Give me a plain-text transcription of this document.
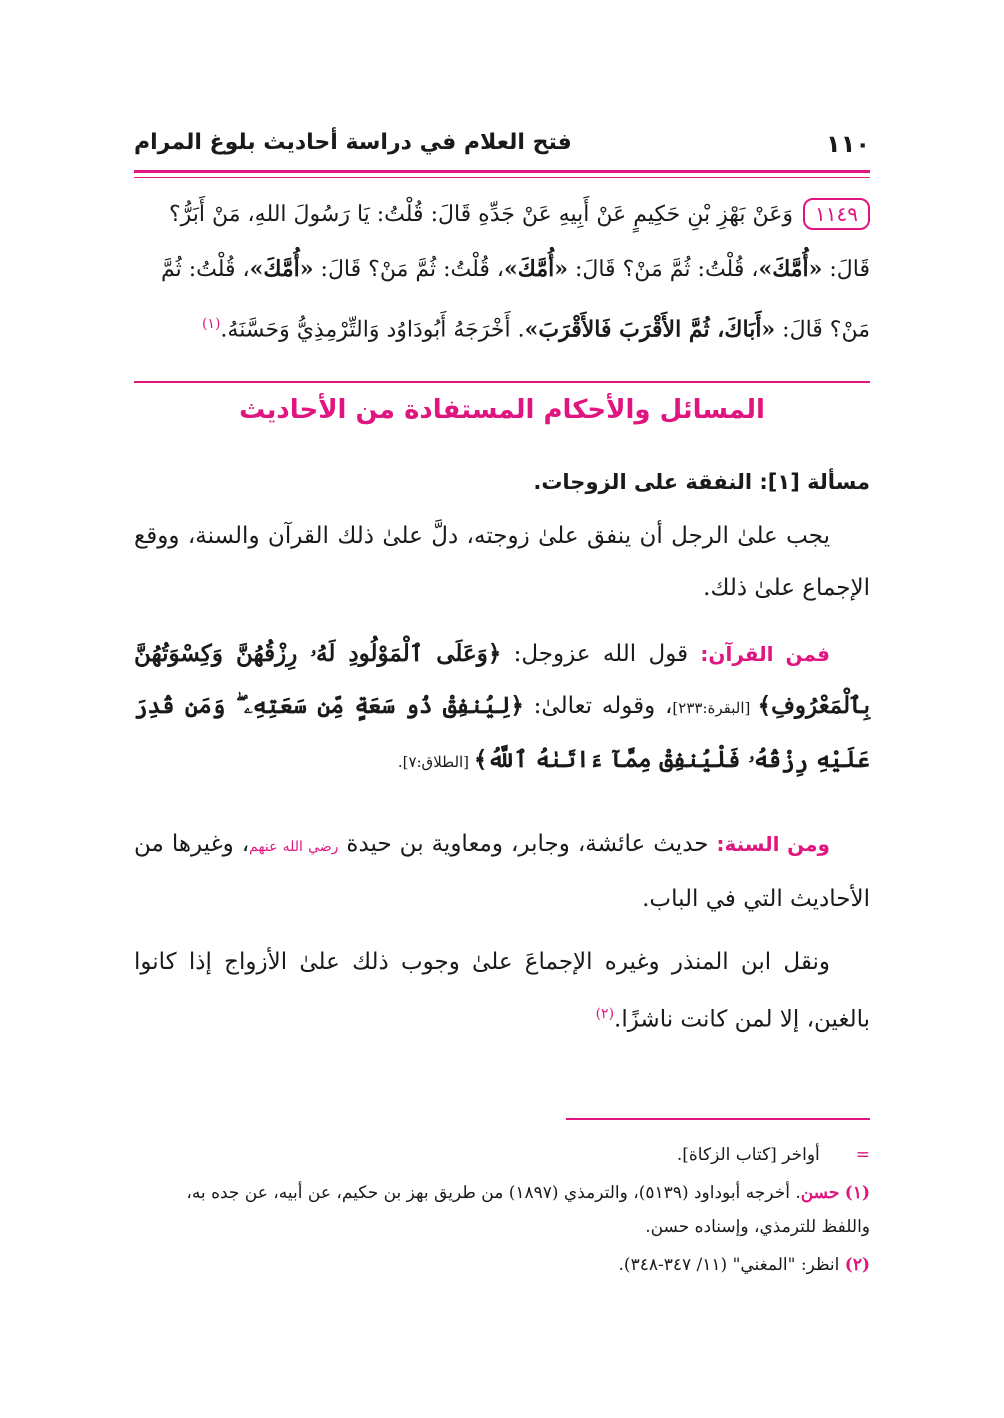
١١٠
فتح العلام في دراسة أحاديث بلوغ المرام
١١٤٩وَعَنْ بَهْزِ بْنِ حَكِيمٍ عَنْ أَبِيهِ عَنْ جَدِّهِ قَالَ: قُلْتُ: يَا رَسُولَ اللهِ، مَنْ أَبَرُّ؟ قَالَ: «أُمَّكَ»، قُلْتُ: ثُمَّ مَنْ؟ قَالَ: «أُمَّكَ»، قُلْتُ: ثُمَّ مَنْ؟ قَالَ: «أُمَّكَ»، قُلْتُ: ثُمَّ مَنْ؟ قَالَ: «أَبَاكَ، ثُمَّ الأَقْرَبَ فَالأَقْرَبَ». أَخْرَجَهُ أَبُودَاوُد وَالتِّرْمِذِيُّ وَحَسَّنَهُ.$^{(١)}$
المسائل والأحكام المستفادة من الأحاديث
مسألة [١]: النفقة على الزوجات.
يجب علىٰ الرجل أن ينفق علىٰ زوجته، دلَّ علىٰ ذلك القرآن والسنة، ووقع الإجماع علىٰ ذلك.
فمن القرآن: قول الله عزوجل: ﴿وَعَلَى ٱلْمَوْلُودِ لَهُۥ رِزْقُهُنَّ وَكِسْوَتُهُنَّ بِٱلْمَعْرُوفِ﴾ [البقرة:٢٣٣]، وقوله تعالىٰ: ﴿لِيُنفِقْ ذُو سَعَةٍ مِّن سَعَتِهِۦ ۖ وَمَن قُدِرَ عَلَيْهِ رِزْقُهُۥ فَلْيُنفِقْ مِمَّآ ءَاتَىٰهُ ٱللَّهُ﴾ [الطلاق:٧].
ومن السنة: حديث عائشة، وجابر، ومعاوية بن حيدة رضي الله عنهم، وغيرها من الأحاديث التي في الباب.
ونقل ابن المنذر وغيره الإجماعَ علىٰ وجوب ذلك علىٰ الأزواج إذا كانوا بالغين، إلا لمن كانت ناشزًا.$^{(٢)}$
=أواخر [كتاب الزكاة].
(١) حسن. أخرجه أبوداود (٥١٣٩)، والترمذي (١٨٩٧) من طريق بهز بن حكيم، عن أبيه، عن جده به، واللفظ للترمذي، وإسناده حسن.
(٢) انظر: "المغني" (١١/ ٣٤٧-٣٤٨).
